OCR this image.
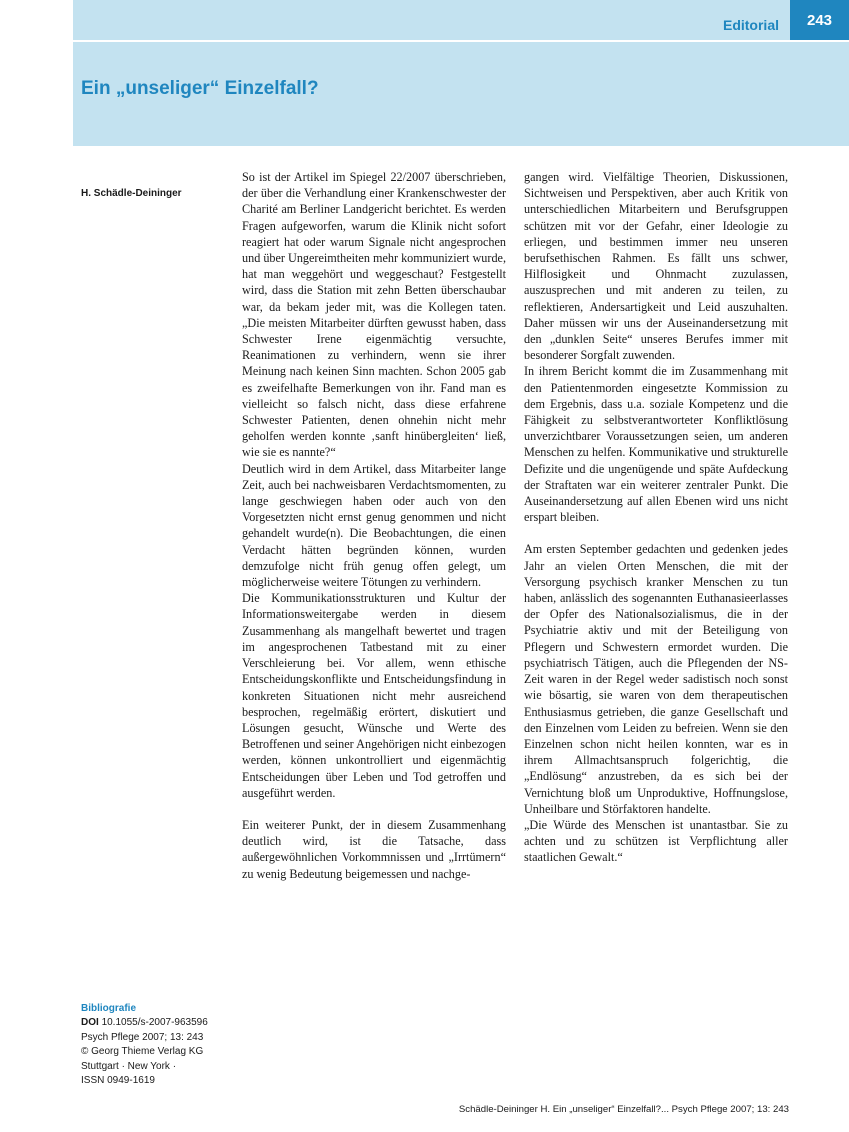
Editorial	243
Ein „unseliger“ Einzelfall?
H. Schädle-Deininger

So ist der Artikel im Spiegel 22/2007 überschrieben, der über die Verhandlung einer Krankenschwester der Charité am Berliner Landgericht berichtet. Es werden Fragen aufgeworfen, warum die Klinik nicht sofort reagiert hat oder warum Signale nicht angesprochen und über Ungereimtheiten mehr kommuniziert wurde, hat man weggehört und weggeschaut? Festgestellt wird, dass die Station mit zehn Betten überschaubar war, da bekam jeder mit, was die Kollegen taten. „Die meisten Mitarbeiter dürften gewusst haben, dass Schwester Irene eigenmächtig versuchte, Reanimationen zu verhindern, wenn sie ihrer Meinung nach keinen Sinn machten. Schon 2005 gab es zweifelhafte Bemerkungen von ihr. Fand man es vielleicht so falsch nicht, dass diese erfahrene Schwester Patienten, denen ohnehin nicht mehr geholfen werden konnte ‚sanft hinübergleiten‘ ließ, wie sie es nannte?“

Deutlich wird in dem Artikel, dass Mitarbeiter lange Zeit, auch bei nachweisbaren Verdachtsmomenten, zu lange geschwiegen haben oder auch von den Vorgesetzten nicht ernst genug genommen und nicht gehandelt wurde(n). Die Beobachtungen, die einen Verdacht hätten begründen können, wurden demzufolge nicht früh genug offen gelegt, um möglicherweise weitere Tötungen zu verhindern.

Die Kommunikationsstrukturen und Kultur der Informationsweitergabe werden in diesem Zusammenhang als mangelhaft bewertet und tragen im angesprochenen Tatbestand mit zu einer Verschleierung bei. Vor allem, wenn ethische Entscheidungskonflikte und Entscheidungsfindung in konkreten Situationen nicht mehr ausreichend besprochen, regelmäßig erörtert, diskutiert und Lösungen gesucht, Wünsche und Werte des Betroffenen und seiner Angehörigen nicht einbezogen werden, können unkontrolliert und eigenmächtig Entscheidungen über Leben und Tod getroffen und ausgeführt werden.

Ein weiterer Punkt, der in diesem Zusammenhang deutlich wird, ist die Tatsache, dass außergewöhnlichen Vorkommnissen und „Irrtümern“ zu wenig Bedeutung beigemessen und nachge-

gangen wird. Vielfältige Theorien, Diskussionen, Sichtweisen und Perspektiven, aber auch Kritik von unterschiedlichen Mitarbeitern und Berufsgruppen schützen mit vor der Gefahr, einer Ideologie zu erliegen, und bestimmen immer neu unseren berufsethischen Rahmen. Es fällt uns schwer, Hilflosigkeit und Ohnmacht zuzulassen, auszusprechen und mit anderen zu teilen, zu reflektieren, Andersartigkeit und Leid auszuhalten. Daher müssen wir uns der Auseinandersetzung mit den „dunklen Seite“ unseres Berufes immer mit besonderer Sorgfalt zuwenden.

In ihrem Bericht kommt die im Zusammenhang mit den Patientenmorden eingesetzte Kommission zu dem Ergebnis, dass u.a. soziale Kompetenz und die Fähigkeit zu selbstverantworteter Konfliktlösung unverzichtbarer Voraussetzungen seien, um anderen Menschen zu helfen. Kommunikative und strukturelle Defizite und die ungenügende und späte Aufdeckung der Straftaten war ein weiterer zentraler Punkt. Die Auseinandersetzung auf allen Ebenen wird uns nicht erspart bleiben.

Am ersten September gedachten und gedenken jedes Jahr an vielen Orten Menschen, die mit der Versorgung psychisch kranker Menschen zu tun haben, anlässlich des sogenannten Euthanasieerlasses der Opfer des Nationalsozialismus, die in der Psychiatrie aktiv und mit der Beteiligung von Pflegern und Schwestern ermordet wurden. Die psychiatrisch Tätigen, auch die Pflegenden der NS-Zeit waren in der Regel weder sadistisch noch sonst wie bösartig, sie waren von dem therapeutischen Enthusiasmus getrieben, die ganze Gesellschaft und den Einzelnen vom Leiden zu befreien. Wenn sie den Einzelnen schon nicht heilen konnten, war es in ihrem Allmachtsanspruch folgerichtig, die „Endlösung“ anzustreben, da es sich bei der Vernichtung bloß um Unproduktive, Hoffnungslose, Unheilbare und Störfaktoren handelte.

„Die Würde des Menschen ist unantastbar. Sie zu achten und zu schützen ist Verpflichtung aller staatlichen Gewalt.“

Bibliografie
DOI 10.1055/s-2007-963596
Psych Pflege 2007; 13: 243
© Georg Thieme Verlag KG
Stuttgart · New York ·
ISSN 0949-1619
Schädle-Deininger H. Ein „unseliger“ Einzelfall?... Psych Pflege 2007; 13: 243
